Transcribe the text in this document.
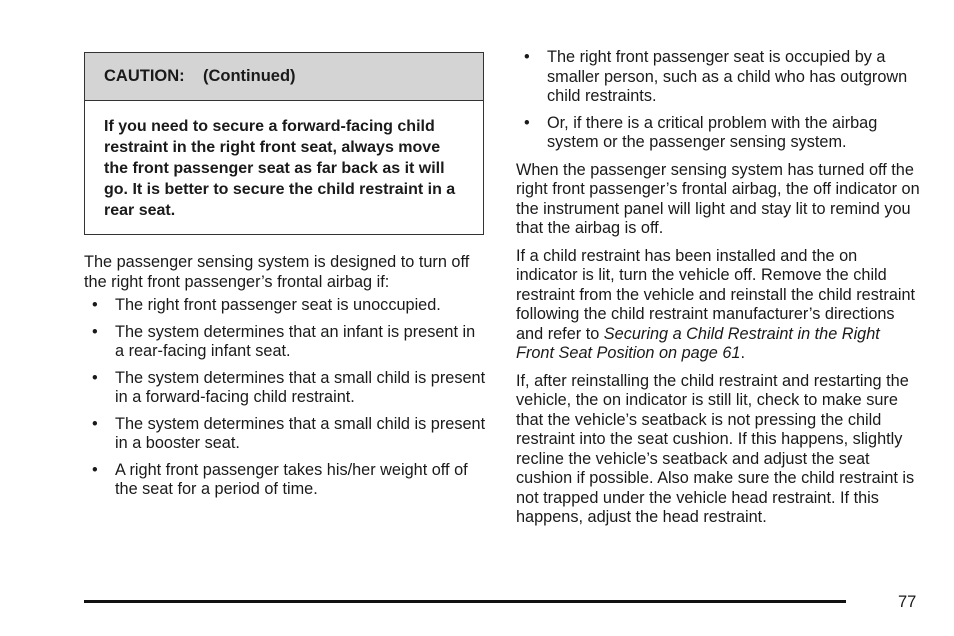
CAUTION:    (Continued)
If you need to secure a forward-facing child restraint in the right front seat, always move the front passenger seat as far back as it will go. It is better to secure the child restraint in a rear seat.

The passenger sensing system is designed to turn off the right front passenger’s frontal airbag if:

• The right front passenger seat is unoccupied.
• The system determines that an infant is present in a rear-facing infant seat.
• The system determines that a small child is present in a forward-facing child restraint.
• The system determines that a small child is present in a booster seat.
• A right front passenger takes his/her weight off of the seat for a period of time.
• The right front passenger seat is occupied by a smaller person, such as a child who has outgrown child restraints.
• Or, if there is a critical problem with the airbag system or the passenger sensing system.

When the passenger sensing system has turned off the right front passenger’s frontal airbag, the off indicator on the instrument panel will light and stay lit to remind you that the airbag is off.

If a child restraint has been installed and the on indicator is lit, turn the vehicle off. Remove the child restraint from the vehicle and reinstall the child restraint following the child restraint manufacturer’s directions and refer to Securing a Child Restraint in the Right Front Seat Position on page 61.

If, after reinstalling the child restraint and restarting the vehicle, the on indicator is still lit, check to make sure that the vehicle’s seatback is not pressing the child restraint into the seat cushion. If this happens, slightly recline the vehicle’s seatback and adjust the seat cushion if possible. Also make sure the child restraint is not trapped under the vehicle head restraint. If this happens, adjust the head restraint.

77
